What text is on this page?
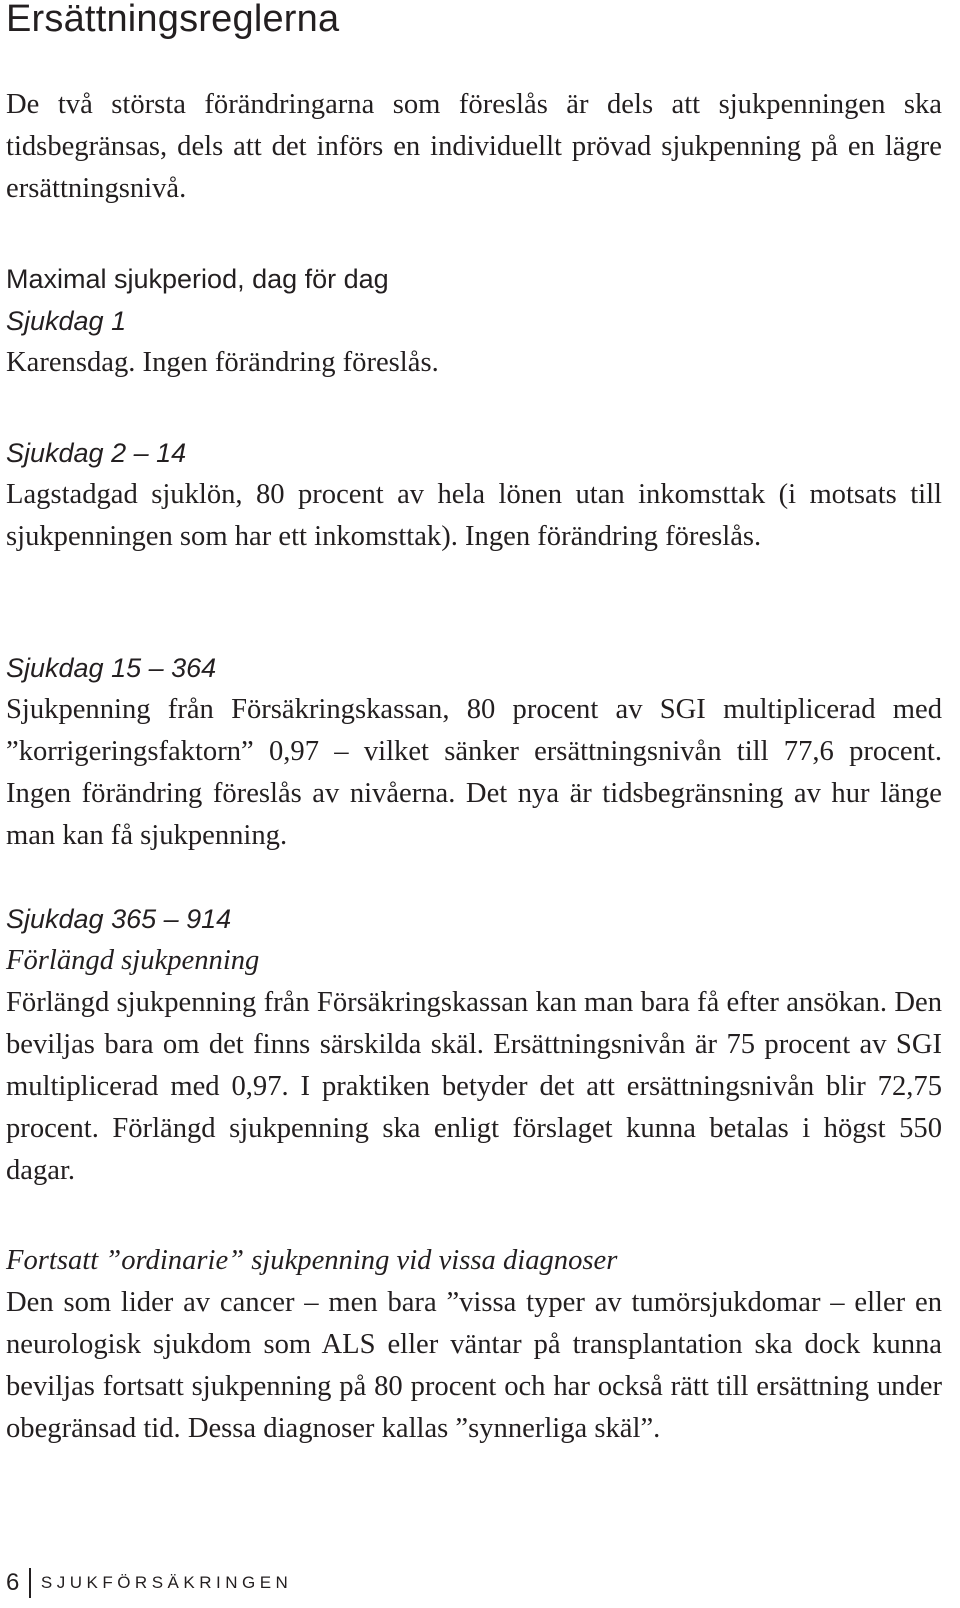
Ersättningsreglerna

De två största förändringarna som föreslås är dels att sjukpenningen ska tidsbegränsas, dels att det införs en individuellt prövad sjukpenning på en lägre ersättningsnivå.

Maximal sjukperiod, dag för dag

Sjukdag 1

Karensdag. Ingen förändring föreslås.

Sjukdag 2 – 14

Lagstadgad sjuklön, 80 procent av hela lönen utan inkomsttak (i motsats till sjukpenningen som har ett inkomsttak). Ingen förändring föreslås.

Sjukdag 15 – 364

Sjukpenning från Försäkringskassan, 80 procent av SGI multiplicerad med ”korrigeringsfaktorn” 0,97 – vilket sänker ersättningsnivån till 77,6 procent. Ingen förändring föreslås av nivåerna. Det nya är tidsbegränsning av hur länge man kan få sjukpenning.

Sjukdag 365 – 914

Förlängd sjukpenning

Förlängd sjukpenning från Försäkringskassan kan man bara få efter ansökan. Den beviljas bara om det finns särskilda skäl. Ersättningsnivån är 75 procent av SGI multiplicerad med 0,97. I praktiken betyder det att ersättningsnivån blir 72,75 procent. Förlängd sjukpenning ska enligt förslaget kunna betalas i högst 550 dagar.

Fortsatt ”ordinarie” sjukpenning vid vissa diagnoser

Den som lider av cancer – men bara ”vissa typer av tumörsjukdomar – eller en neurologisk sjukdom som ALS eller väntar på transplantation ska dock kunna beviljas fortsatt sjukpenning på 80 procent och har också rätt till ersättning under obegränsad tid. Dessa diagnoser kallas ”synnerliga skäl”.

6 SJUKFÖRSÄKRINGEN
